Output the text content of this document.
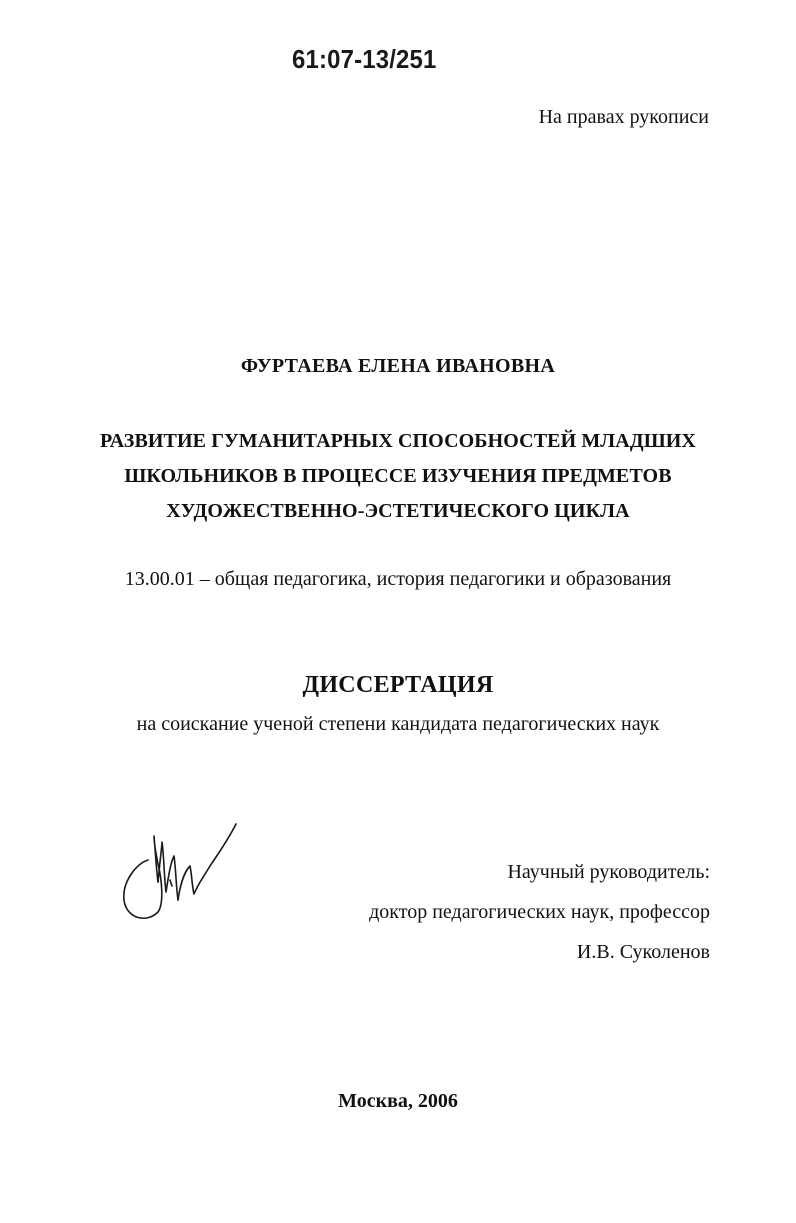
61:07-13/251
На правах рукописи
ФУРТАЕВА ЕЛЕНА ИВАНОВНА
РАЗВИТИЕ ГУМАНИТАРНЫХ СПОСОБНОСТЕЙ МЛАДШИХ
ШКОЛЬНИКОВ В ПРОЦЕССЕ ИЗУЧЕНИЯ ПРЕДМЕТОВ
ХУДОЖЕСТВЕННО-ЭСТЕТИЧЕСКОГО ЦИКЛА
13.00.01 – общая педагогика, история педагогики и образования
ДИССЕРТАЦИЯ
на соискание ученой степени кандидата педагогических наук
Научный руководитель:
доктор педагогических наук, профессор
И.В. Суколенов
Москва, 2006
